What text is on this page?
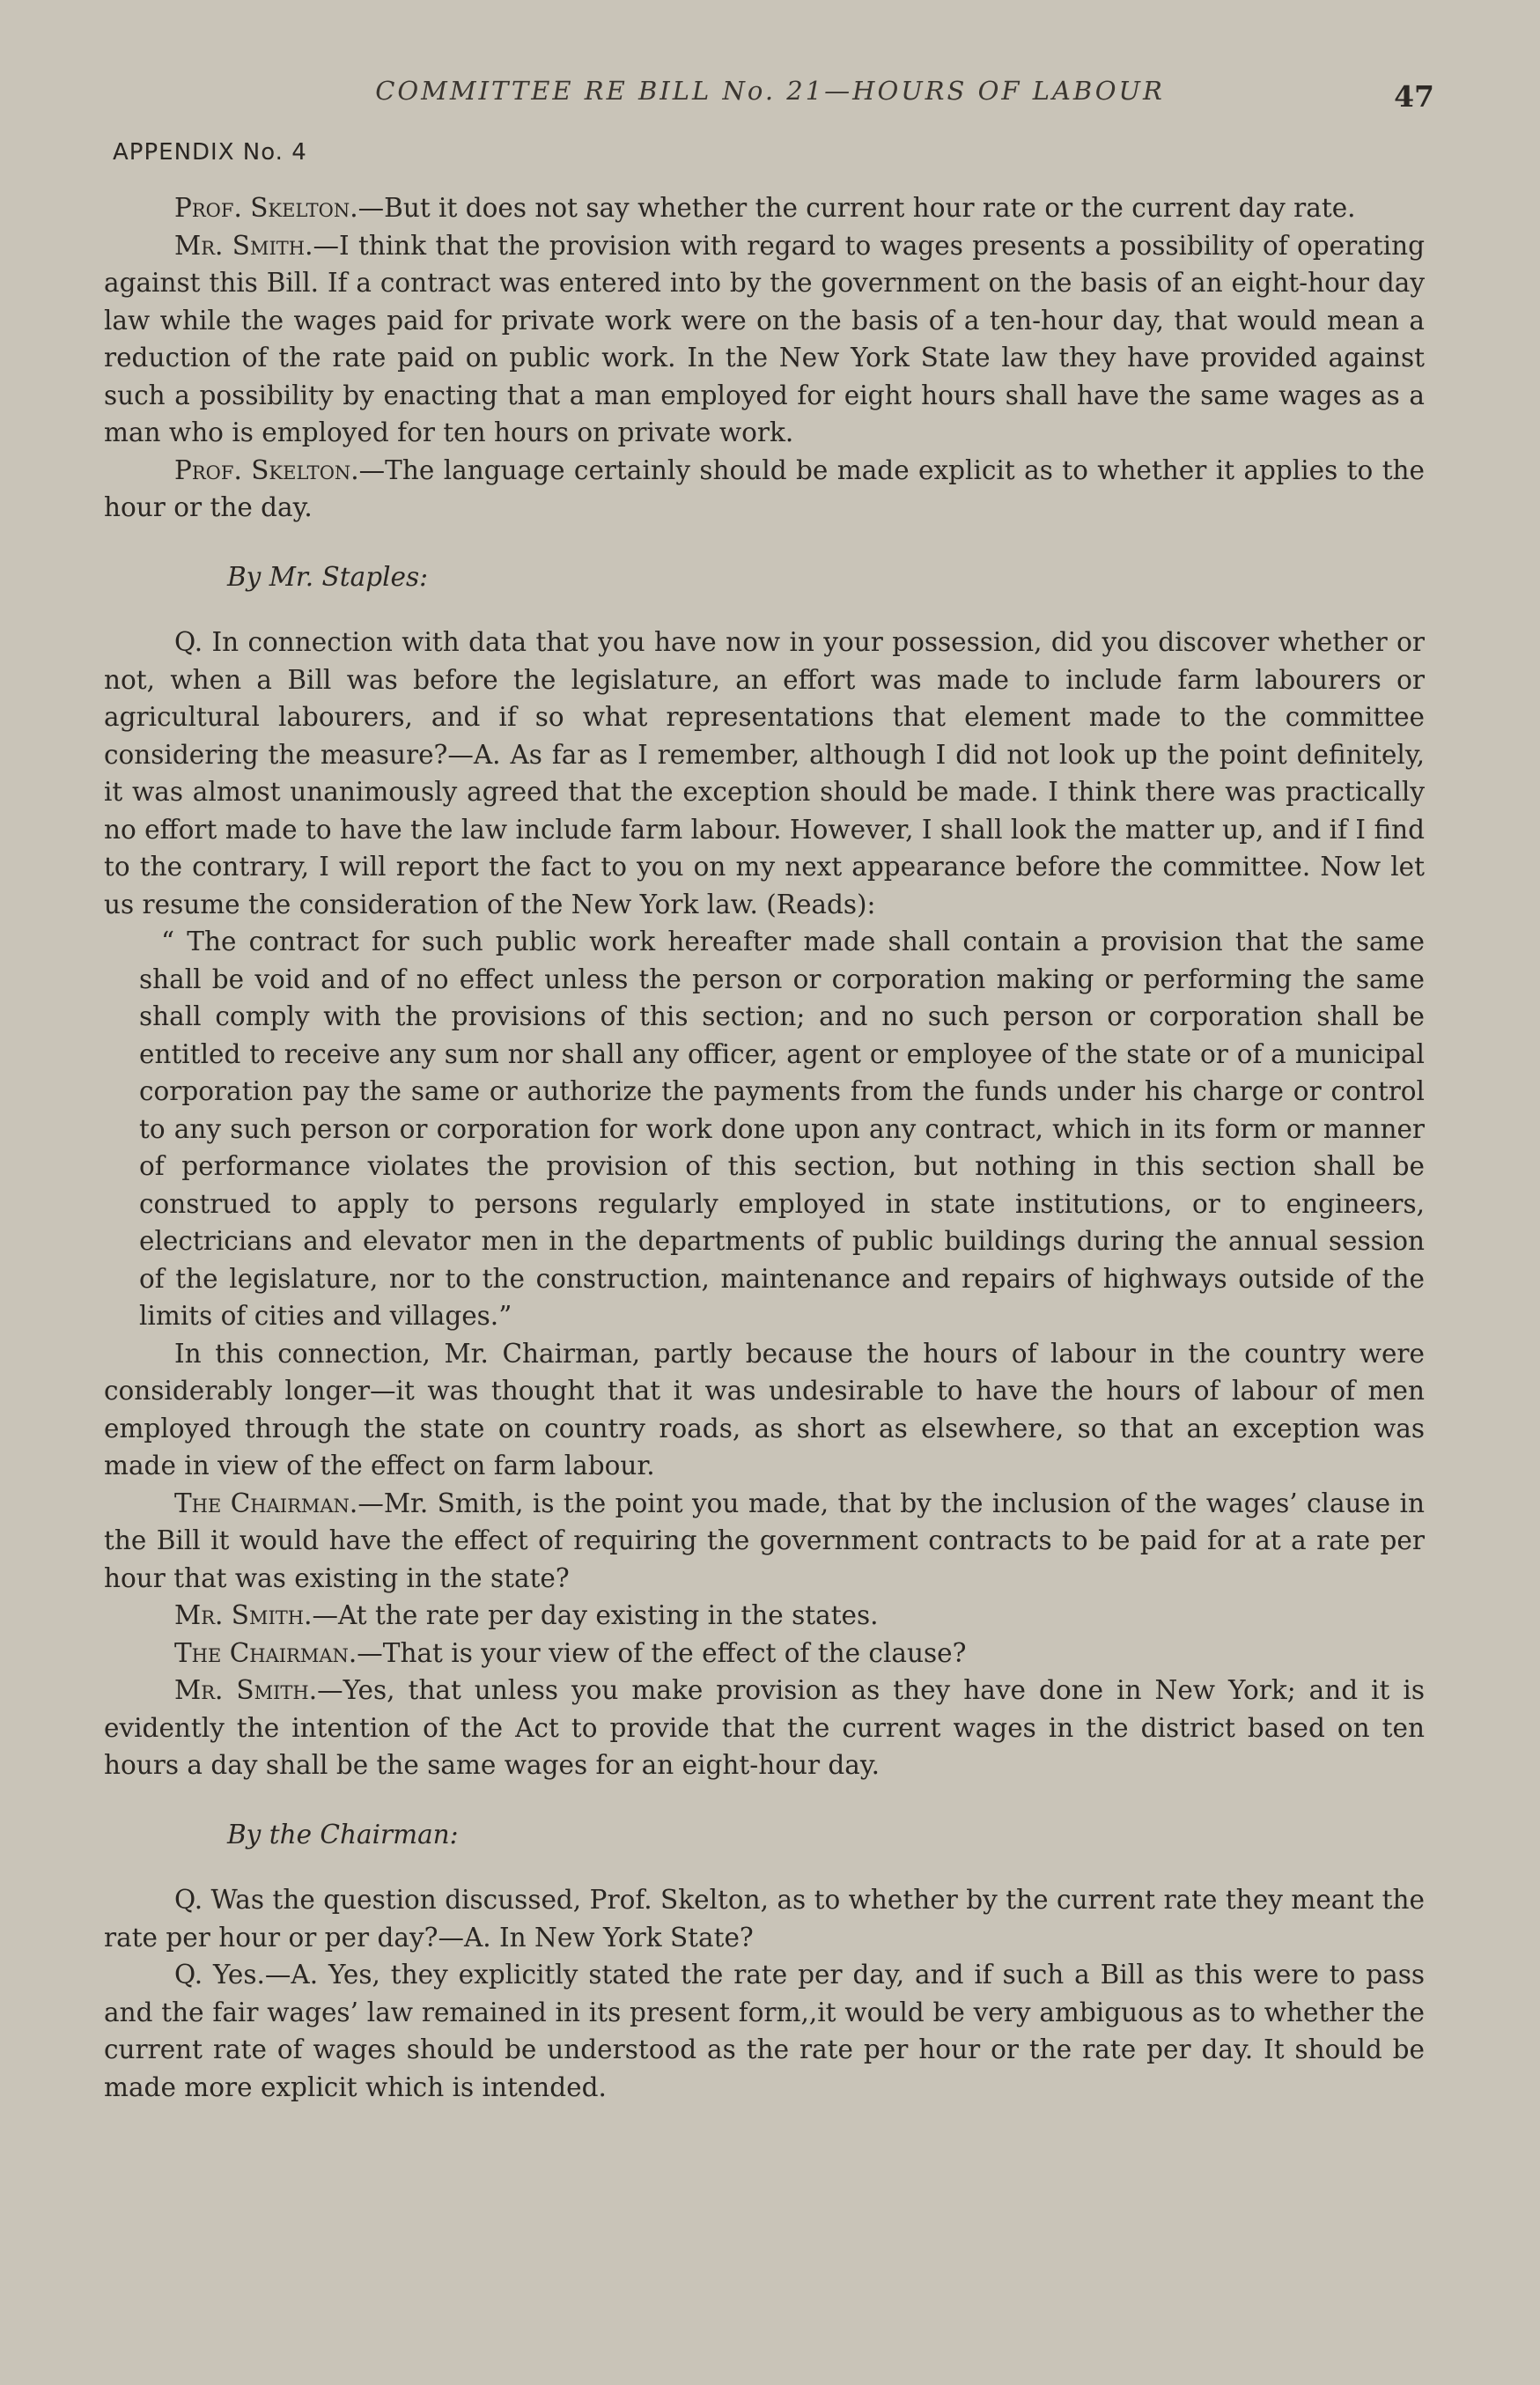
COMMITTEE RE BILL No. 21—HOURS OF LABOUR	47
APPENDIX No. 4

Prof. Skelton.—But it does not say whether the current hour rate or the current day rate.

Mr. Smith.—I think that the provision with regard to wages presents a possibility of operating against this Bill. If a contract was entered into by the government on the basis of an eight-hour day law while the wages paid for private work were on the basis of a ten-hour day, that would mean a reduction of the rate paid on public work. In the New York State law they have provided against such a possibility by enacting that a man employed for eight hours shall have the same wages as a man who is employed for ten hours on private work.

Prof. Skelton.—The language certainly should be made explicit as to whether it applies to the hour or the day.

By Mr. Staples:

Q. In connection with data that you have now in your possession, did you discover whether or not, when a Bill was before the legislature, an effort was made to include farm labourers or agricultural labourers, and if so what representations that element made to the committee considering the measure?—A. As far as I remember, although I did not look up the point definitely, it was almost unanimously agreed that the exception should be made. I think there was practically no effort made to have the law include farm labour. However, I shall look the matter up, and if I find to the contrary, I will report the fact to you on my next appearance before the committee. Now let us resume the consideration of the New York law. (Reads):

“ The contract for such public work hereafter made shall contain a provision that the same shall be void and of no effect unless the person or corporation making or performing the same shall comply with the provisions of this section; and no such person or corporation shall be entitled to receive any sum nor shall any officer, agent or employee of the state or of a municipal corporation pay the same or authorize the payments from the funds under his charge or control to any such person or corporation for work done upon any contract, which in its form or manner of performance violates the provision of this section, but nothing in this section shall be construed to apply to persons regularly employed in state institutions, or to engineers, electricians and elevator men in the departments of public buildings during the annual session of the legislature, nor to the construction, maintenance and repairs of highways outside of the limits of cities and villages.”

In this connection, Mr. Chairman, partly because the hours of labour in the country were considerably longer—it was thought that it was undesirable to have the hours of labour of men employed through the state on country roads, as short as elsewhere, so that an exception was made in view of the effect on farm labour.

The Chairman.—Mr. Smith, is the point you made, that by the inclusion of the wages’ clause in the Bill it would have the effect of requiring the government contracts to be paid for at a rate per hour that was existing in the state?

Mr. Smith.—At the rate per day existing in the states.

The Chairman.—That is your view of the effect of the clause?

Mr. Smith.—Yes, that unless you make provision as they have done in New York; and it is evidently the intention of the Act to provide that the current wages in the district based on ten hours a day shall be the same wages for an eight-hour day.

By the Chairman:

Q. Was the question discussed, Prof. Skelton, as to whether by the current rate they meant the rate per hour or per day?—A. In New York State?

Q. Yes.—A. Yes, they explicitly stated the rate per day, and if such a Bill as this were to pass and the fair wages’ law remained in its present form,,it would be very ambiguous as to whether the current rate of wages should be understood as the rate per hour or the rate per day. It should be made more explicit which is intended.
